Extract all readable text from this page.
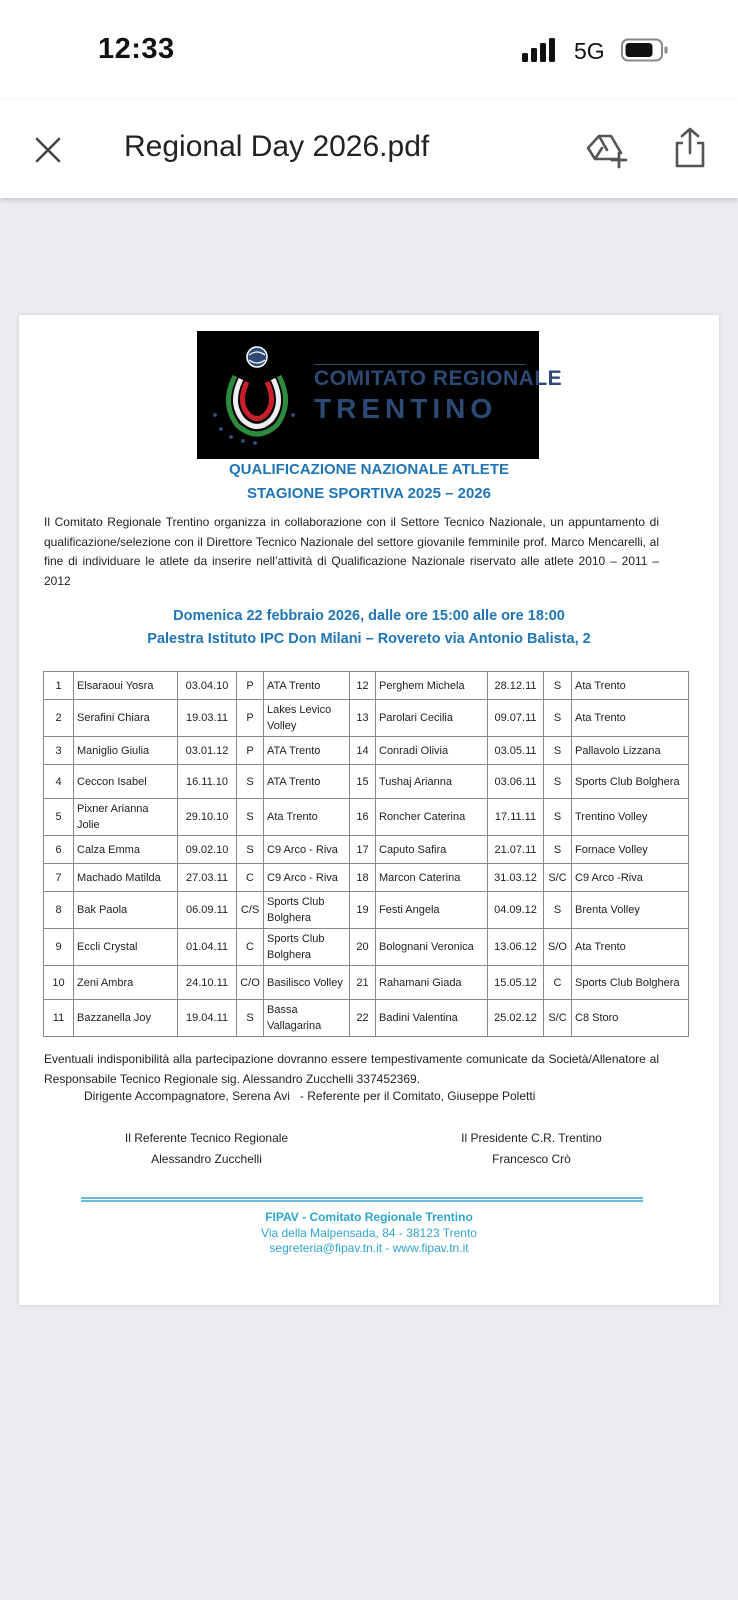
12:33	5G
Regional Day 2026.pdf
COMITATO REGIONALE
TRENTINO
QUALIFICAZIONE NAZIONALE ATLETE
STAGIONE SPORTIVA 2025 – 2026
Il Comitato Regionale Trentino organizza in collaborazione con il Settore Tecnico Nazionale, un appuntamento di qualificazione/selezione con il Direttore Tecnico Nazionale del settore giovanile femminile prof. Marco Mencarelli, al fine di individuare le atlete da inserire nell’attività di Qualificazione Nazionale riservato alle atlete 2010 – 2011 – 2012
Domenica 22 febbraio 2026, dalle ore 15:00 alle ore 18:00
Palestra Istituto IPC Don Milani – Rovereto via Antonio Balista, 2
1	Elsaraoui Yosra	03.04.10	P	ATA Trento	12	Perghem Michela	28.12.11	S	Ata Trento
2	Serafini Chiara	19.03.11	P	Lakes Levico Volley	13	Parolari Cecilia	09.07.11	S	Ata Trento
3	Maniglio Giulia	03.01.12	P	ATA Trento	14	Conradi Olivia	03.05.11	S	Pallavolo Lizzana
4	Ceccon Isabel	16.11.10	S	ATA Trento	15	Tushaj Arianna	03.06.11	S	Sports Club Bolghera
5	Pixner Arianna Jolie	29.10.10	S	Ata Trento	16	Roncher Caterina	17.11.11	S	Trentino Volley
6	Calza Emma	09.02.10	S	C9 Arco - Riva	17	Caputo Safira	21.07.11	S	Fornace Volley
7	Machado Matilda	27.03.11	C	C9 Arco - Riva	18	Marcon Caterina	31.03.12	S/C	C9 Arco -Riva
8	Bak Paola	06.09.11	C/S	Sports Club Bolghera	19	Festi Angela	04.09.12	S	Brenta Volley
9	Eccli Crystal	01.04.11	C	Sports Club Bolghera	20	Bolognani Veronica	13.06.12	S/O	Ata Trento
10	Zeni Ambra	24.10.11	C/O	Basilisco Volley	21	Rahamani Giada	15.05.12	C	Sports Club Bolghera
11	Bazzanella Joy	19.04.11	S	Bassa Vallagarina	22	Badini Valentina	25.02.12	S/C	C8 Storo
Eventuali indisponibilità alla partecipazione dovranno essere tempestivamente comunicate da Società/Allenatore al Responsabile Tecnico Regionale sig. Alessandro Zucchelli 337452369.
Dirigente Accompagnatore, Serena Avi   - Referente per il Comitato, Giuseppe Poletti
Il Referente Tecnico Regionale
Alessandro Zucchelli
Il Presidente C.R. Trentino
Francesco Crò
FIPAV - Comitato Regionale Trentino
Via della Malpensada, 84 - 38123 Trento
segreteria@fipav.tn.it - www.fipav.tn.it
